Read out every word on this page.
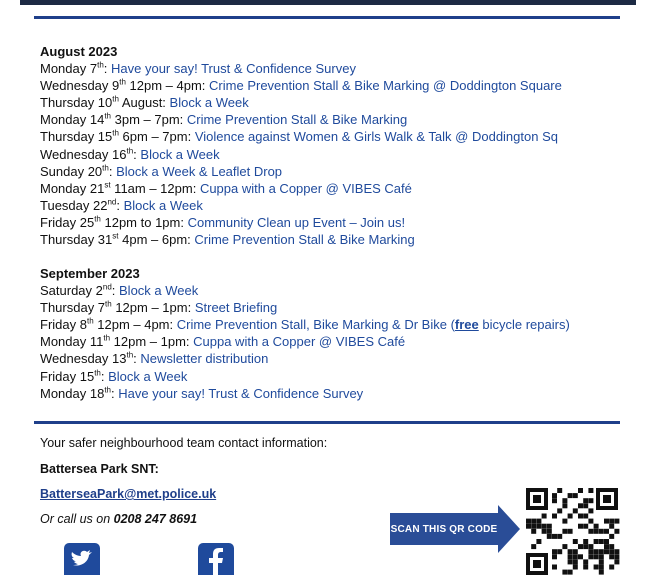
August 2023
Monday 7th: Have your say! Trust & Confidence Survey
Wednesday 9th 12pm – 4pm: Crime Prevention Stall & Bike Marking @ Doddington Square
Thursday 10th August: Block a Week
Monday 14th 3pm – 7pm: Crime Prevention Stall & Bike Marking
Thursday 15th 6pm – 7pm: Violence against Women & Girls Walk & Talk @ Doddington Sq
Wednesday 16th: Block a Week
Sunday 20th: Block a Week & Leaflet Drop
Monday 21st 11am – 12pm: Cuppa with a Copper @ VIBES Café
Tuesday 22nd: Block a Week
Friday 25th 12pm to 1pm: Community Clean up Event – Join us!
Thursday 31st 4pm – 6pm: Crime Prevention Stall & Bike Marking
September 2023
Saturday 2nd: Block a Week
Thursday 7th 12pm – 1pm: Street Briefing
Friday 8th 12pm – 4pm: Crime Prevention Stall, Bike Marking & Dr Bike (free bicycle repairs)
Monday 11th 12pm – 1pm: Cuppa with a Copper @ VIBES Café
Wednesday 13th: Newsletter distribution
Friday 15th: Block a Week
Monday 18th: Have your say! Trust & Confidence Survey
Your safer neighbourhood team contact information:
Battersea Park SNT:
BatterseaPark@met.police.uk
Or call us on 0208 247 8691
SCAN THIS QR CODE
